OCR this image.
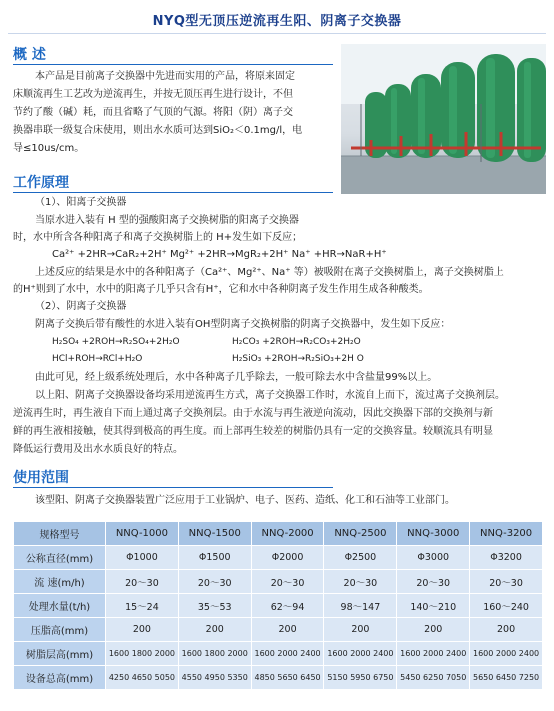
NYQ型无顶压逆流再生阳、阴离子交换器
概 述
本产品是目前离子交换器中先进而实用的产品，将原来固定
床顺流再生工艺改为逆流再生，并按无顶压再生进行设计，不但
节约了酸（碱）耗，而且省略了气顶的气源。将阳（阴）离子交
换器串联一级复合床使用，则出水水质可达到SiO₂＜0.1mg/l，电
导≤10us/cm。
工作原理
（1）、阳离子交换器
当原水进入装有 H 型的强酸阳离子交换树脂的阳离子交换器
时，水中所含各种阳离子和离子交换树脂上的 H+发生如下反应；
Ca²⁺ +2HR→CaR₂+2H⁺ Mg²⁺ +2HR→MgR₂+2H⁺ Na⁺ +HR→NaR+H⁺
上述反应的结果是水中的各种阳离子（Ca²⁺、Mg²⁺、Na⁺ 等）被吸附在离子交换树脂上，离子交换树脂上
的H⁺则到了水中，水中的阳离子几乎只含有H⁺，它和水中各种阴离子发生作用生成各种酸类。
（2）、阴离子交换器
阴离子交换后带有酸性的水进入装有OH型阴离子交换树脂的阴离子交换器中，发生如下反应：
H₂SO₄ +2ROH→R₂SO₄+2H₂O	H₂CO₃ +2ROH→R₂CO₃+2H₂O
HCl+ROH→RCl+H₂O	H₂SiO₃ +2ROH→R₂SiO₃+2H O
由此可见，经上级系统处理后，水中各种离子几乎除去，一般可除去水中含盐量99%以上。
以上阳、阴离子交换器设备均采用逆流再生方式，离子交换器工作时，水流自上而下，流过离子交换剂层。
逆流再生时，再生液自下而上通过离子交换剂层。由于水流与再生液逆向流动，因此交换器下部的交换剂与新
鲜的再生液相接触，使其得到极高的再生度。而上部再生较差的树脂仍具有一定的交换容量。较顺流具有明显
降低运行费用及出水水质良好的特点。
使用范围
该型阳、阴离子交换器装置广泛应用于工业锅炉、电子、医药、造纸、化工和石油等工业部门。
规格型号	NNQ-1000	NNQ-1500	NNQ-2000	NNQ-2500	NNQ-3000	NNQ-3200
公称直径(mm)	Φ1000	Φ1500	Φ2000	Φ2500	Φ3000	Φ3200
流 速(m/h)	20～30	20～30	20～30	20～30	20～30	20～30
处理水量(t/h)	15～24	35～53	62～94	98～147	140～210	160～240
压脂高(mm)	200	200	200	200	200	200
树脂层高(mm)	1600 1800 2000	1600 1800 2000	1600 2000 2400	1600 2000 2400	1600 2000 2400	1600 2000 2400
设备总高(mm)	4250 4650 5050	4550 4950 5350	4850 5650 6450	5150 5950 6750	5450 6250 7050	5650 6450 7250
